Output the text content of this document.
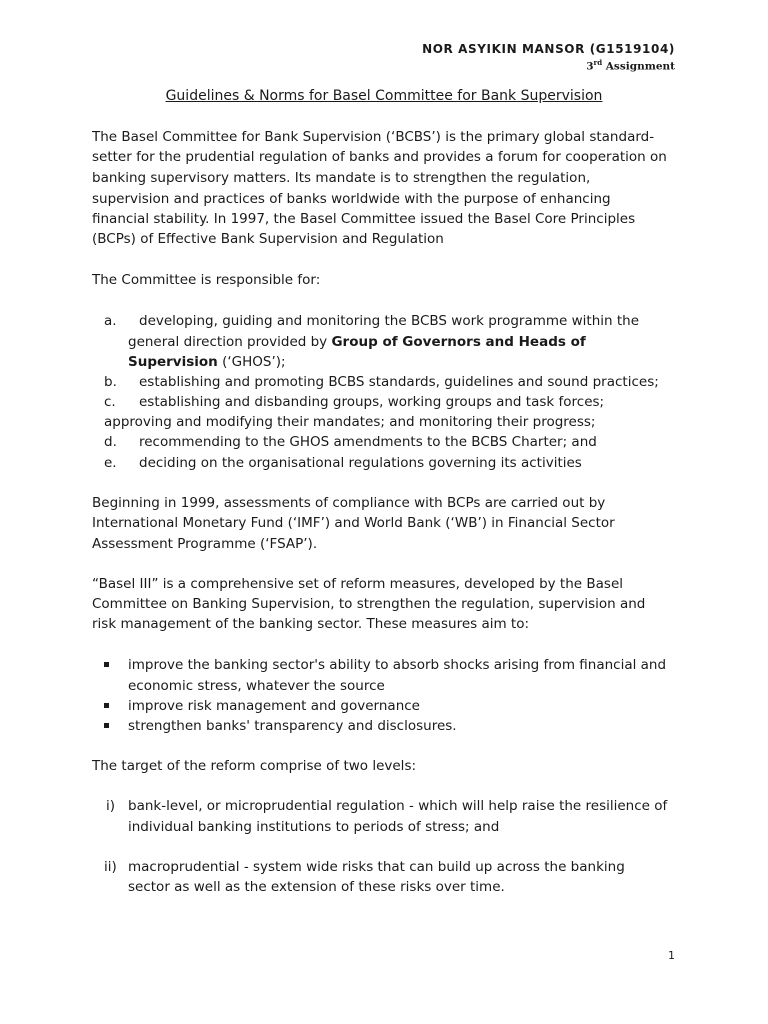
NOR ASYIKIN MANSOR (G1519104)
3rd Assignment
Guidelines & Norms for Basel Committee for Bank Supervision
The Basel Committee for Bank Supervision (‘BCBS’) is the primary global standard-
setter for the prudential regulation of banks and provides a forum for cooperation on
banking supervisory matters. Its mandate is to strengthen the regulation,
supervision and practices of banks worldwide with the purpose of enhancing
financial stability. In 1997, the Basel Committee issued the Basel Core Principles
(BCPs) of Effective Bank Supervision and Regulation
The Committee is responsible for:
a. developing, guiding and monitoring the BCBS work programme within the
general direction provided by Group of Governors and Heads of
Supervision (‘GHOS’);
b. establishing and promoting BCBS standards, guidelines and sound practices;
c. establishing and disbanding groups, working groups and task forces;
approving and modifying their mandates; and monitoring their progress;
d. recommending to the GHOS amendments to the BCBS Charter; and
e. deciding on the organisational regulations governing its activities
Beginning in 1999, assessments of compliance with BCPs are carried out by
International Monetary Fund (‘IMF’) and World Bank (‘WB’) in Financial Sector
Assessment Programme (‘FSAP’).
“Basel III” is a comprehensive set of reform measures, developed by the Basel
Committee on Banking Supervision, to strengthen the regulation, supervision and
risk management of the banking sector. These measures aim to:
improve the banking sector's ability to absorb shocks arising from financial and
economic stress, whatever the source
improve risk management and governance
strengthen banks' transparency and disclosures.
The target of the reform comprise of two levels:
i) bank-level, or microprudential regulation - which will help raise the resilience of
individual banking institutions to periods of stress; and
ii) macroprudential - system wide risks that can build up across the banking
sector as well as the extension of these risks over time.
1
